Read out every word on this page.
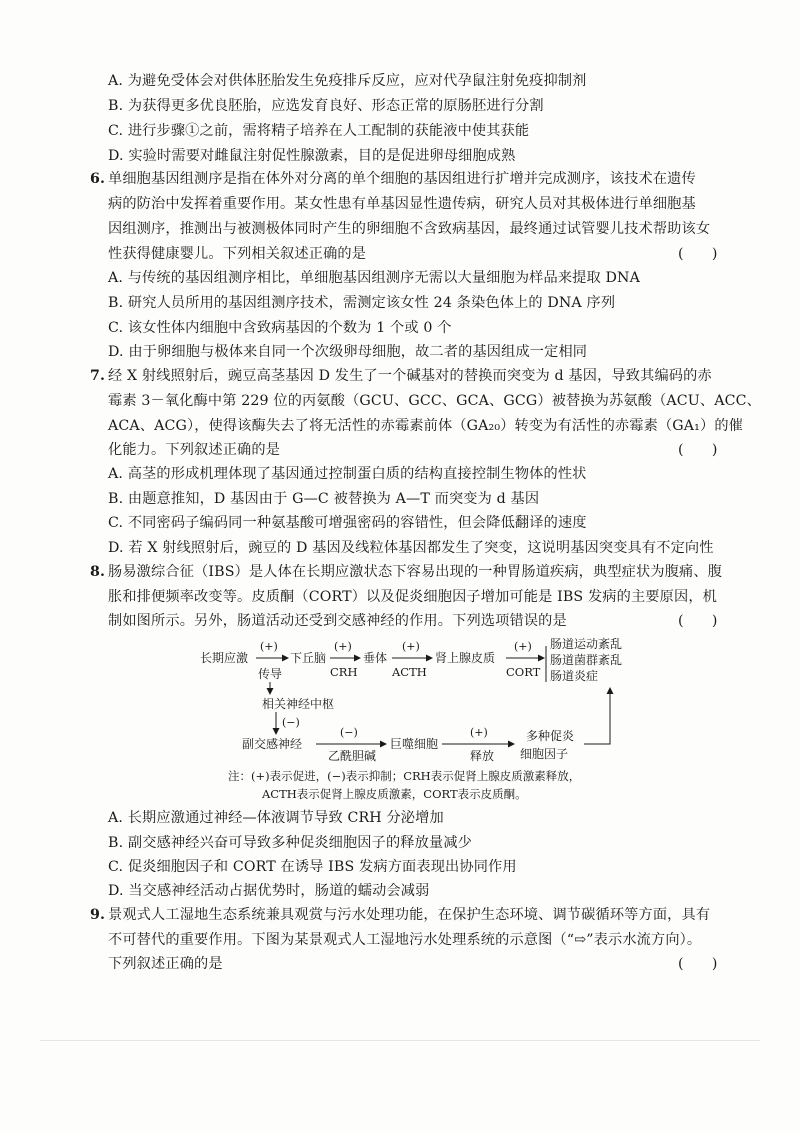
A. 为避免受体会对供体胚胎发生免疫排斥反应，应对代孕鼠注射免疫抑制剂
B. 为获得更多优良胚胎，应选发育良好、形态正常的原肠胚进行分割
C. 进行步骤①之前，需将精子培养在人工配制的获能液中使其获能
D. 实验时需要对雌鼠注射促性腺激素，目的是促进卵母细胞成熟
6. 单细胞基因组测序是指在体外对分离的单个细胞的基因组进行扩增并完成测序，该技术在遗传
病的防治中发挥着重要作用。某女性患有单基因显性遗传病，研究人员对其极体进行单细胞基
因组测序，推测出与被测极体同时产生的卵细胞不含致病基因，最终通过试管婴儿技术帮助该女
性获得健康婴儿。下列相关叙述正确的是	(　　)
A. 与传统的基因组测序相比，单细胞基因组测序无需以大量细胞为样品来提取 DNA
B. 研究人员所用的基因组测序技术，需测定该女性 24 条染色体上的 DNA 序列
C. 该女性体内细胞中含致病基因的个数为 1 个或 0 个
D. 由于卵细胞与极体来自同一个次级卵母细胞，故二者的基因组成一定相同
7. 经 X 射线照射后，豌豆高茎基因 D 发生了一个碱基对的替换而突变为 d 基因，导致其编码的赤
霉素 3－氧化酶中第 229 位的丙氨酸（GCU、GCC、GCA、GCG）被替换为苏氨酸（ACU、ACC、
ACA、ACG），使得该酶失去了将无活性的赤霉素前体（GA₂₀）转变为有活性的赤霉素（GA₁）的催
化能力。下列叙述正确的是	(　　)
A. 高茎的形成机理体现了基因通过控制蛋白质的结构直接控制生物体的性状
B. 由题意推知，D 基因由于 G—C 被替换为 A—T 而突变为 d 基因
C. 不同密码子编码同一种氨基酸可增强密码的容错性，但会降低翻译的速度
D. 若 X 射线照射后，豌豆的 D 基因及线粒体基因都发生了突变，这说明基因突变具有不定向性
8. 肠易激综合征（IBS）是人体在长期应激状态下容易出现的一种胃肠道疾病，典型症状为腹痛、腹
胀和排便频率改变等。皮质酮（CORT）以及促炎细胞因子增加可能是 IBS 发病的主要原因，机
制如图所示。另外，肠道活动还受到交感神经的作用。下列选项错误的是	(　　)
长期应激
(+)
下丘脑
传导
(+)
CRH
垂体
(+)
ACTH
肾上腺皮质
(+)
CORT
肠道运动紊乱
肠道菌群紊乱
肠道炎症
相关神经中枢
(−)
副交感神经
(−)
乙酰胆碱
巨噬细胞
(+)
释放
多种促炎
细胞因子
注：(+)表示促进，(−)表示抑制；CRH表示促肾上腺皮质激素释放，
ACTH表示促肾上腺皮质激素，CORT表示皮质酮。
A. 长期应激通过神经—体液调节导致 CRH 分泌增加
B. 副交感神经兴奋可导致多种促炎细胞因子的释放量减少
C. 促炎细胞因子和 CORT 在诱导 IBS 发病方面表现出协同作用
D. 当交感神经活动占据优势时，肠道的蠕动会减弱
9. 景观式人工湿地生态系统兼具观赏与污水处理功能，在保护生态环境、调节碳循环等方面，具有
不可替代的重要作用。下图为某景观式人工湿地污水处理系统的示意图（“⇨”表示水流方向）。
下列叙述正确的是	(　　)
